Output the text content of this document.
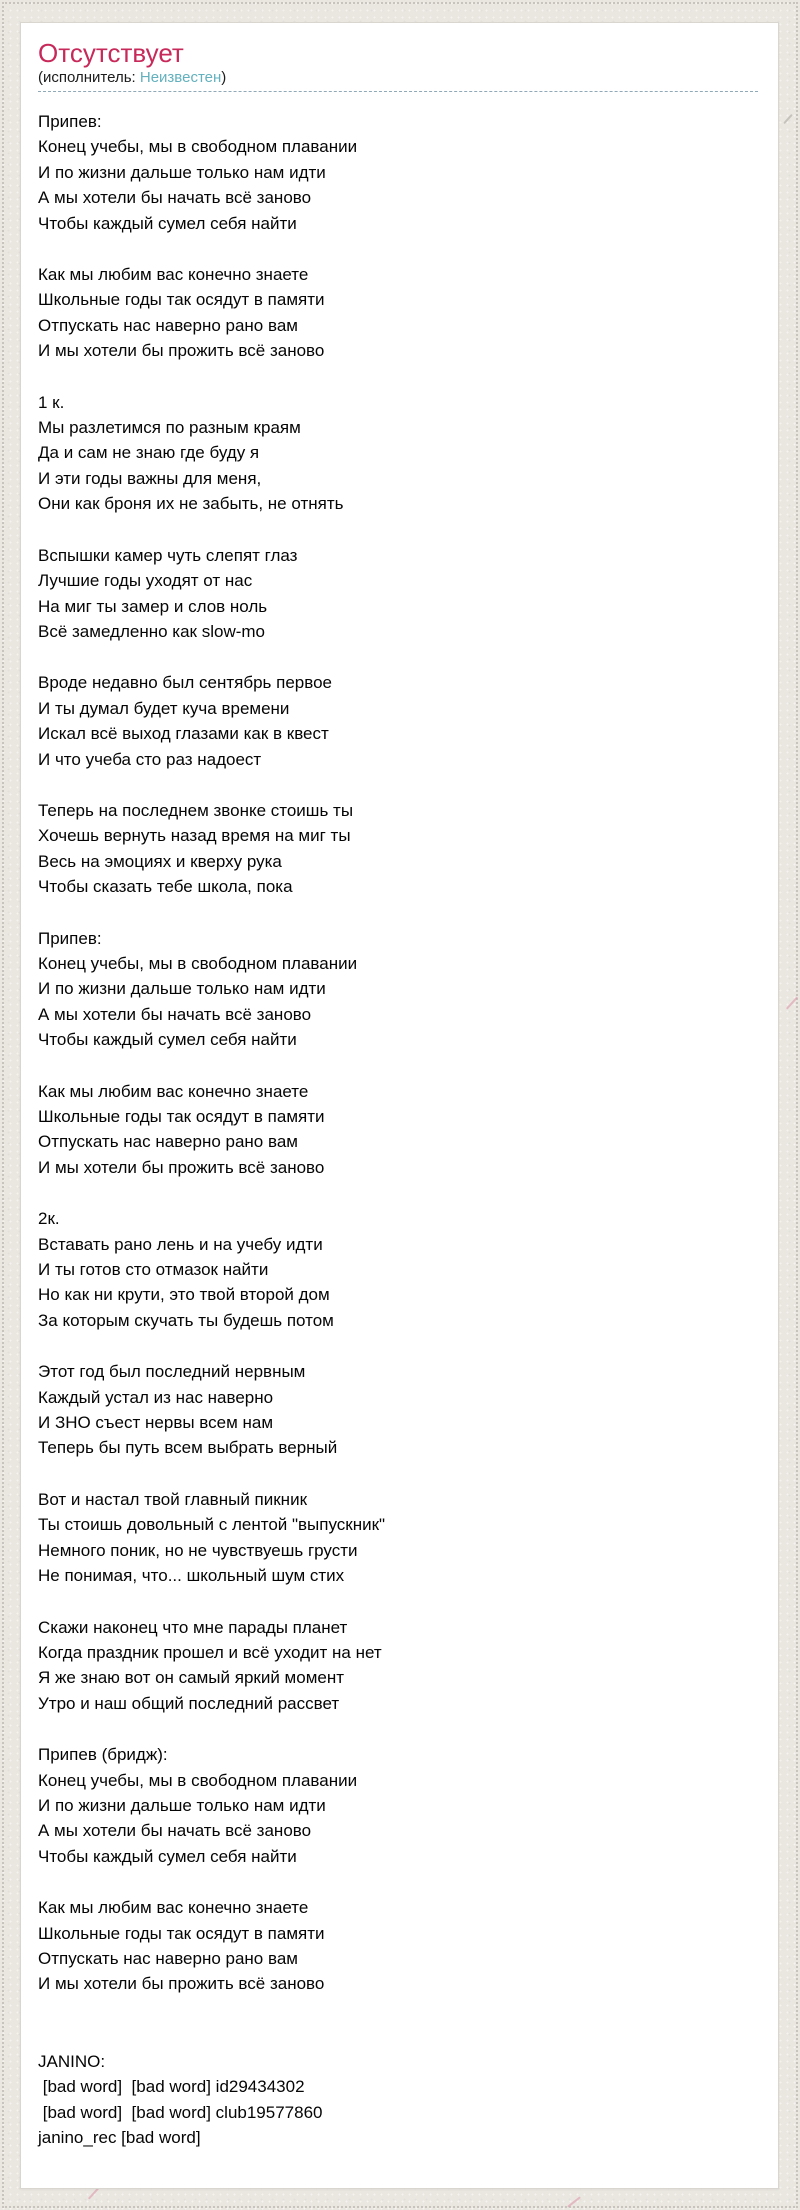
Отсутствует
(исполнитель: Неизвестен)
Припев:
Конец учебы, мы в свободном плавании
И по жизни дальше только нам идти
А мы хотели бы начать всё заново
Чтобы каждый сумел себя найти
Как мы любим вас конечно знаете
Школьные годы так осядут в памяти
Отпускать нас наверно рано вам
И мы хотели бы прожить всё заново
1 к.
Мы разлетимся по разным краям
Да и сам не знаю где буду я
И эти годы важны для меня,
Они как броня их не забыть, не отнять
Вспышки камер чуть слепят глаз
Лучшие годы уходят от нас
На миг ты замер и слов ноль
Всё замедленно как slow-mo
Вроде недавно был сентябрь первое
И ты думал будет куча времени
Искал всё выход глазами как в квест
И что учеба сто раз надоест
Теперь на последнем звонке стоишь ты
Хочешь вернуть назад время на миг ты
Весь на эмоциях и кверху рука
Чтобы сказать тебе школа, пока
Припев:
Конец учебы, мы в свободном плавании
И по жизни дальше только нам идти
А мы хотели бы начать всё заново
Чтобы каждый сумел себя найти
Как мы любим вас конечно знаете
Школьные годы так осядут в памяти
Отпускать нас наверно рано вам
И мы хотели бы прожить всё заново
2к.
Вставать рано лень и на учебу идти
И ты готов сто отмазок найти
Но как ни крути, это твой второй дом
За которым скучать ты будешь потом
Этот год был последний нервным
Каждый устал из нас наверно
И ЗНО съест нервы всем нам
Теперь бы путь всем выбрать верный
Вот и настал твой главный пикник
Ты стоишь довольный с лентой "выпускник"
Немного поник, но не чувствуешь грусти
Не понимая, что... школьный шум стих
Скажи наконец что мне парады планет
Когда праздник прошел и всё уходит на нет
Я же знаю вот он самый яркий момент
Утро и наш общий последний рассвет
Припев (бридж):
Конец учебы, мы в свободном плавании
И по жизни дальше только нам идти
А мы хотели бы начать всё заново
Чтобы каждый сумел себя найти
Как мы любим вас конечно знаете
Школьные годы так осядут в памяти
Отпускать нас наверно рано вам
И мы хотели бы прожить всё заново
JANINO:
[bad word]  [bad word] id29434302
[bad word]  [bad word] club19577860
janino_rec [bad word]
